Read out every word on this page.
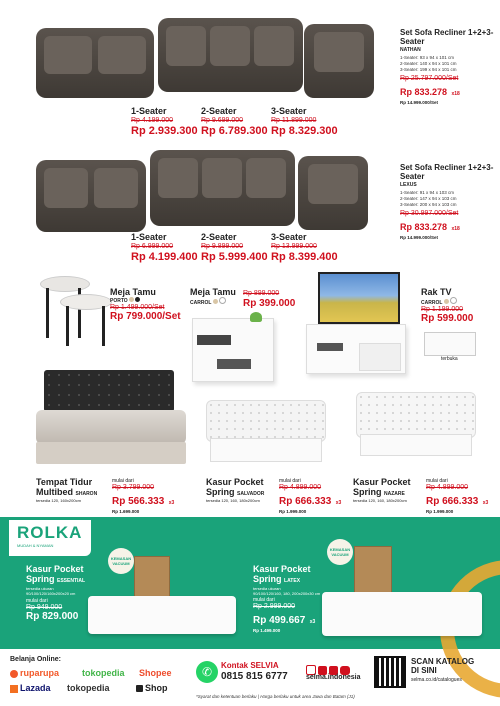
1-Seater
Rp 4.199.000
Rp 2.939.300
2-Seater
Rp 9.699.000
Rp 6.789.300
3-Seater
Rp 11.899.000
Rp 8.329.300
Set Sofa Recliner 1+2+3-Seater
NATHAN
1-Seater: 93 x 94 x 101 cm
2-Seater: 140 x 94 x 101 cm
3-Seater: 199 x 94 x 101 cm
Rp 25.797.000/Set
Rp 833.278 x18
Rp 14.999.000/Set
1-Seater
Rp 6.999.000
Rp 4.199.400
2-Seater
Rp 9.899.000
Rp 5.999.400
3-Seater
Rp 13.999.000
Rp 8.399.400
Set Sofa Recliner 1+2+3-Seater
LEXUS
1-Seater: 91 x 94 x 103 cm
2-Seater: 147 x 94 x 103 cm
3-Seater: 200 x 94 x 103 cm
Rp 30.997.000/Set
Rp 833.278 x18
Rp 14.999.000/Set
Meja Tamu
PORTO
Rp 1.499.000/Set
Rp 799.000/Set
Meja Tamu
CARROL
Rp 899.000
Rp 399.000
Rak TV
CARROL
Rp 1.199.000
Rp 599.000
terbuka
Tempat Tidur
Multibed SHARON
tersedia 120, 160x200cm
mulai dari
Rp 3.799.000
Rp 566.333 x3
Rp 1.699.000
Kasur Pocket
Spring SALVADOR
tersedia 120, 160, 180x200cm
mulai dari
Rp 4.899.000
Rp 666.333 x3
Rp 1.999.000
Kasur Pocket
Spring NAZARE
tersedia 120, 160, 180x200cm
mulai dari
Rp 4.899.000
Rp 666.333 x3
Rp 1.999.000
ROLKA
MUDAH & NYAMAN
Kasur Pocket
Spring ESSENTIAL
tersedia ukuran
90/100/120/160x200x20 cm
mulai dari
Rp 949.000
Rp 829.000
KEMASAN VACUUM
Kasur Pocket
Spring LATEX
tersedia ukuran
90/100/120/160, 180, 200x200x30 cm
mulai dari
Rp 2.999.000
Rp 499.667 x3
Rp 1.499.000
KEMASAN VACUUM
Belanja Online:
ruparupa	tokopedia Shopee
Lazada tokopedia	Shop
✆	Kontak SELVIA
0815 815 6777	selma.indonesia
SCAN KATALOG
DI SINI
selma.co.id/catalogues
*Syarat dan ketentuan berlaku | Harga berlaku untuk area Jawa dan Batam (J1)
